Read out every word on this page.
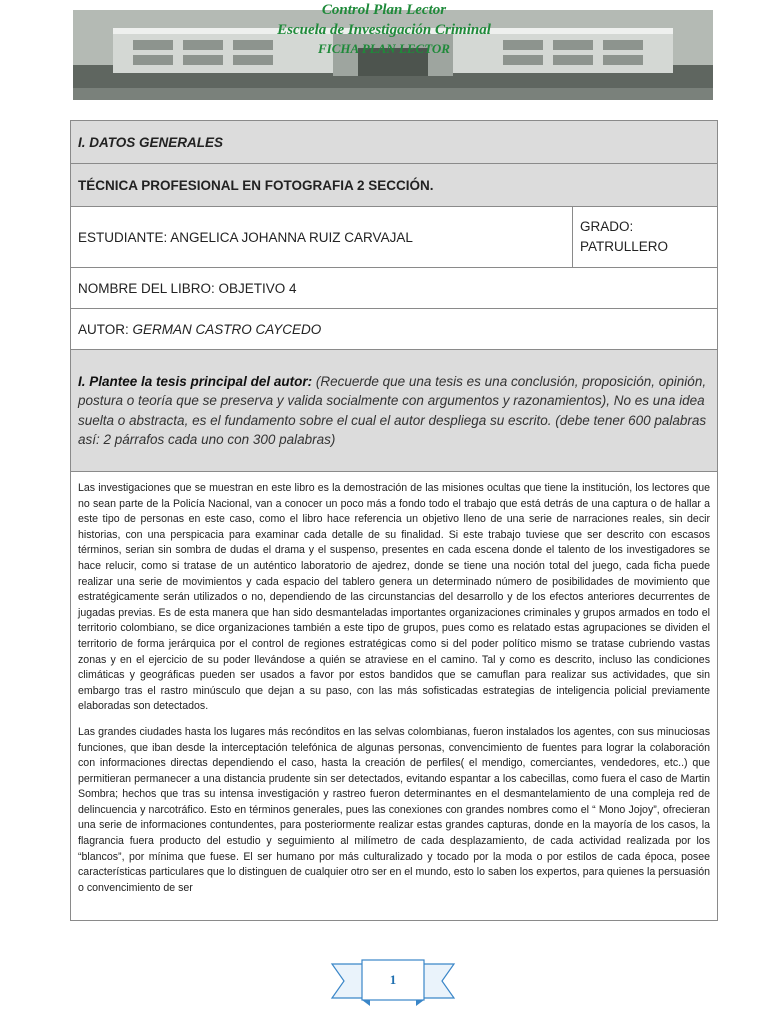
Control Plan Lector
Escuela de Investigación Criminal
FICHA PLAN LECTOR
I. DATOS GENERALES
TÉCNICA PROFESIONAL EN FOTOGRAFIA 2 SECCIÓN.
ESTUDIANTE: ANGELICA JOHANNA RUIZ CARVAJAL	GRADO:
PATRULLERO
NOMBRE DEL LIBRO: OBJETIVO 4
AUTOR: GERMAN CASTRO CAYCEDO
I. Plantee la tesis principal del autor: (Recuerde que una tesis es una conclusión, proposición, opinión, postura o teoría que se preserva y valida socialmente con argumentos y razonamientos), No es una idea suelta o abstracta, es el fundamento sobre el cual el autor despliega su escrito. (debe tener 600 palabras así: 2 párrafos cada uno con 300 palabras)

Las investigaciones que se muestran en este libro es la demostración de las misiones ocultas que tiene la institución, los lectores que no sean parte de la Policía Nacional, van a conocer un poco más a fondo todo el trabajo que está detrás de una captura o de hallar a este tipo de personas en este caso, como el libro hace referencia un objetivo lleno de una serie de narraciones reales, sin decir historias, con una perspicacia para examinar cada detalle de su finalidad. Si este trabajo tuviese que ser descrito con escasos términos, serian sin sombra de dudas el drama y el suspenso, presentes en cada escena donde el talento de los investigadores se hace relucir, como si tratase de un auténtico laboratorio de ajedrez, donde se tiene una noción total del juego, cada ficha puede realizar una serie de movimientos y cada espacio del tablero genera un determinado número de posibilidades de movimiento que estratégicamente serán utilizados o no, dependiendo de las circunstancias del desarrollo y de los efectos anteriores decurrentes de jugadas previas. Es de esta manera que han sido desmanteladas importantes organizaciones criminales y grupos armados en todo el territorio colombiano, se dice organizaciones también a este tipo de grupos, pues como es relatado estas agrupaciones se dividen el territorio de forma jerárquica por el control de regiones estratégicas como si del poder político mismo se tratase cubriendo vastas zonas y en el ejercicio de su poder llevándose a quién se atraviese en el camino. Tal y como es descrito, incluso las condiciones climáticas y geográficas pueden ser usados a favor por estos bandidos que se camuflan para realizar sus actividades, que sin embargo tras el rastro minúsculo que dejan a su paso, con las más sofisticadas estrategias de inteligencia policial previamente elaboradas son detectados.

Las grandes ciudades hasta los lugares más recónditos en las selvas colombianas, fueron instalados los agentes, con sus minuciosas funciones, que iban desde la interceptación telefónica de algunas personas, convencimiento de fuentes para lograr la colaboración con informaciones directas dependiendo el caso, hasta la creación de perfiles( el mendigo, comerciantes, vendedores, etc..) que permitieran permanecer a una distancia prudente sin ser detectados, evitando espantar a los cabecillas, como fuera el caso de Martin Sombra; hechos que tras su intensa investigación y rastreo fueron determinantes en el desmantelamiento de una compleja red de delincuencia y narcotráfico. Esto en términos generales, pues las conexiones con grandes nombres como el “ Mono Jojoy”, ofrecieran una serie de informaciones contundentes, para posteriormente realizar estas grandes capturas, donde en la mayoría de los casos, la flagrancia fuera producto del estudio y seguimiento al milímetro de cada desplazamiento, de cada actividad realizada por los “blancos”, por mínima que fuese. El ser humano por más culturalizado y tocado por la moda o por estilos de cada época, posee características particulares que lo distinguen de cualquier otro ser en el mundo, esto lo saben los expertos, para quienes la persuasión o convencimiento de ser

1
